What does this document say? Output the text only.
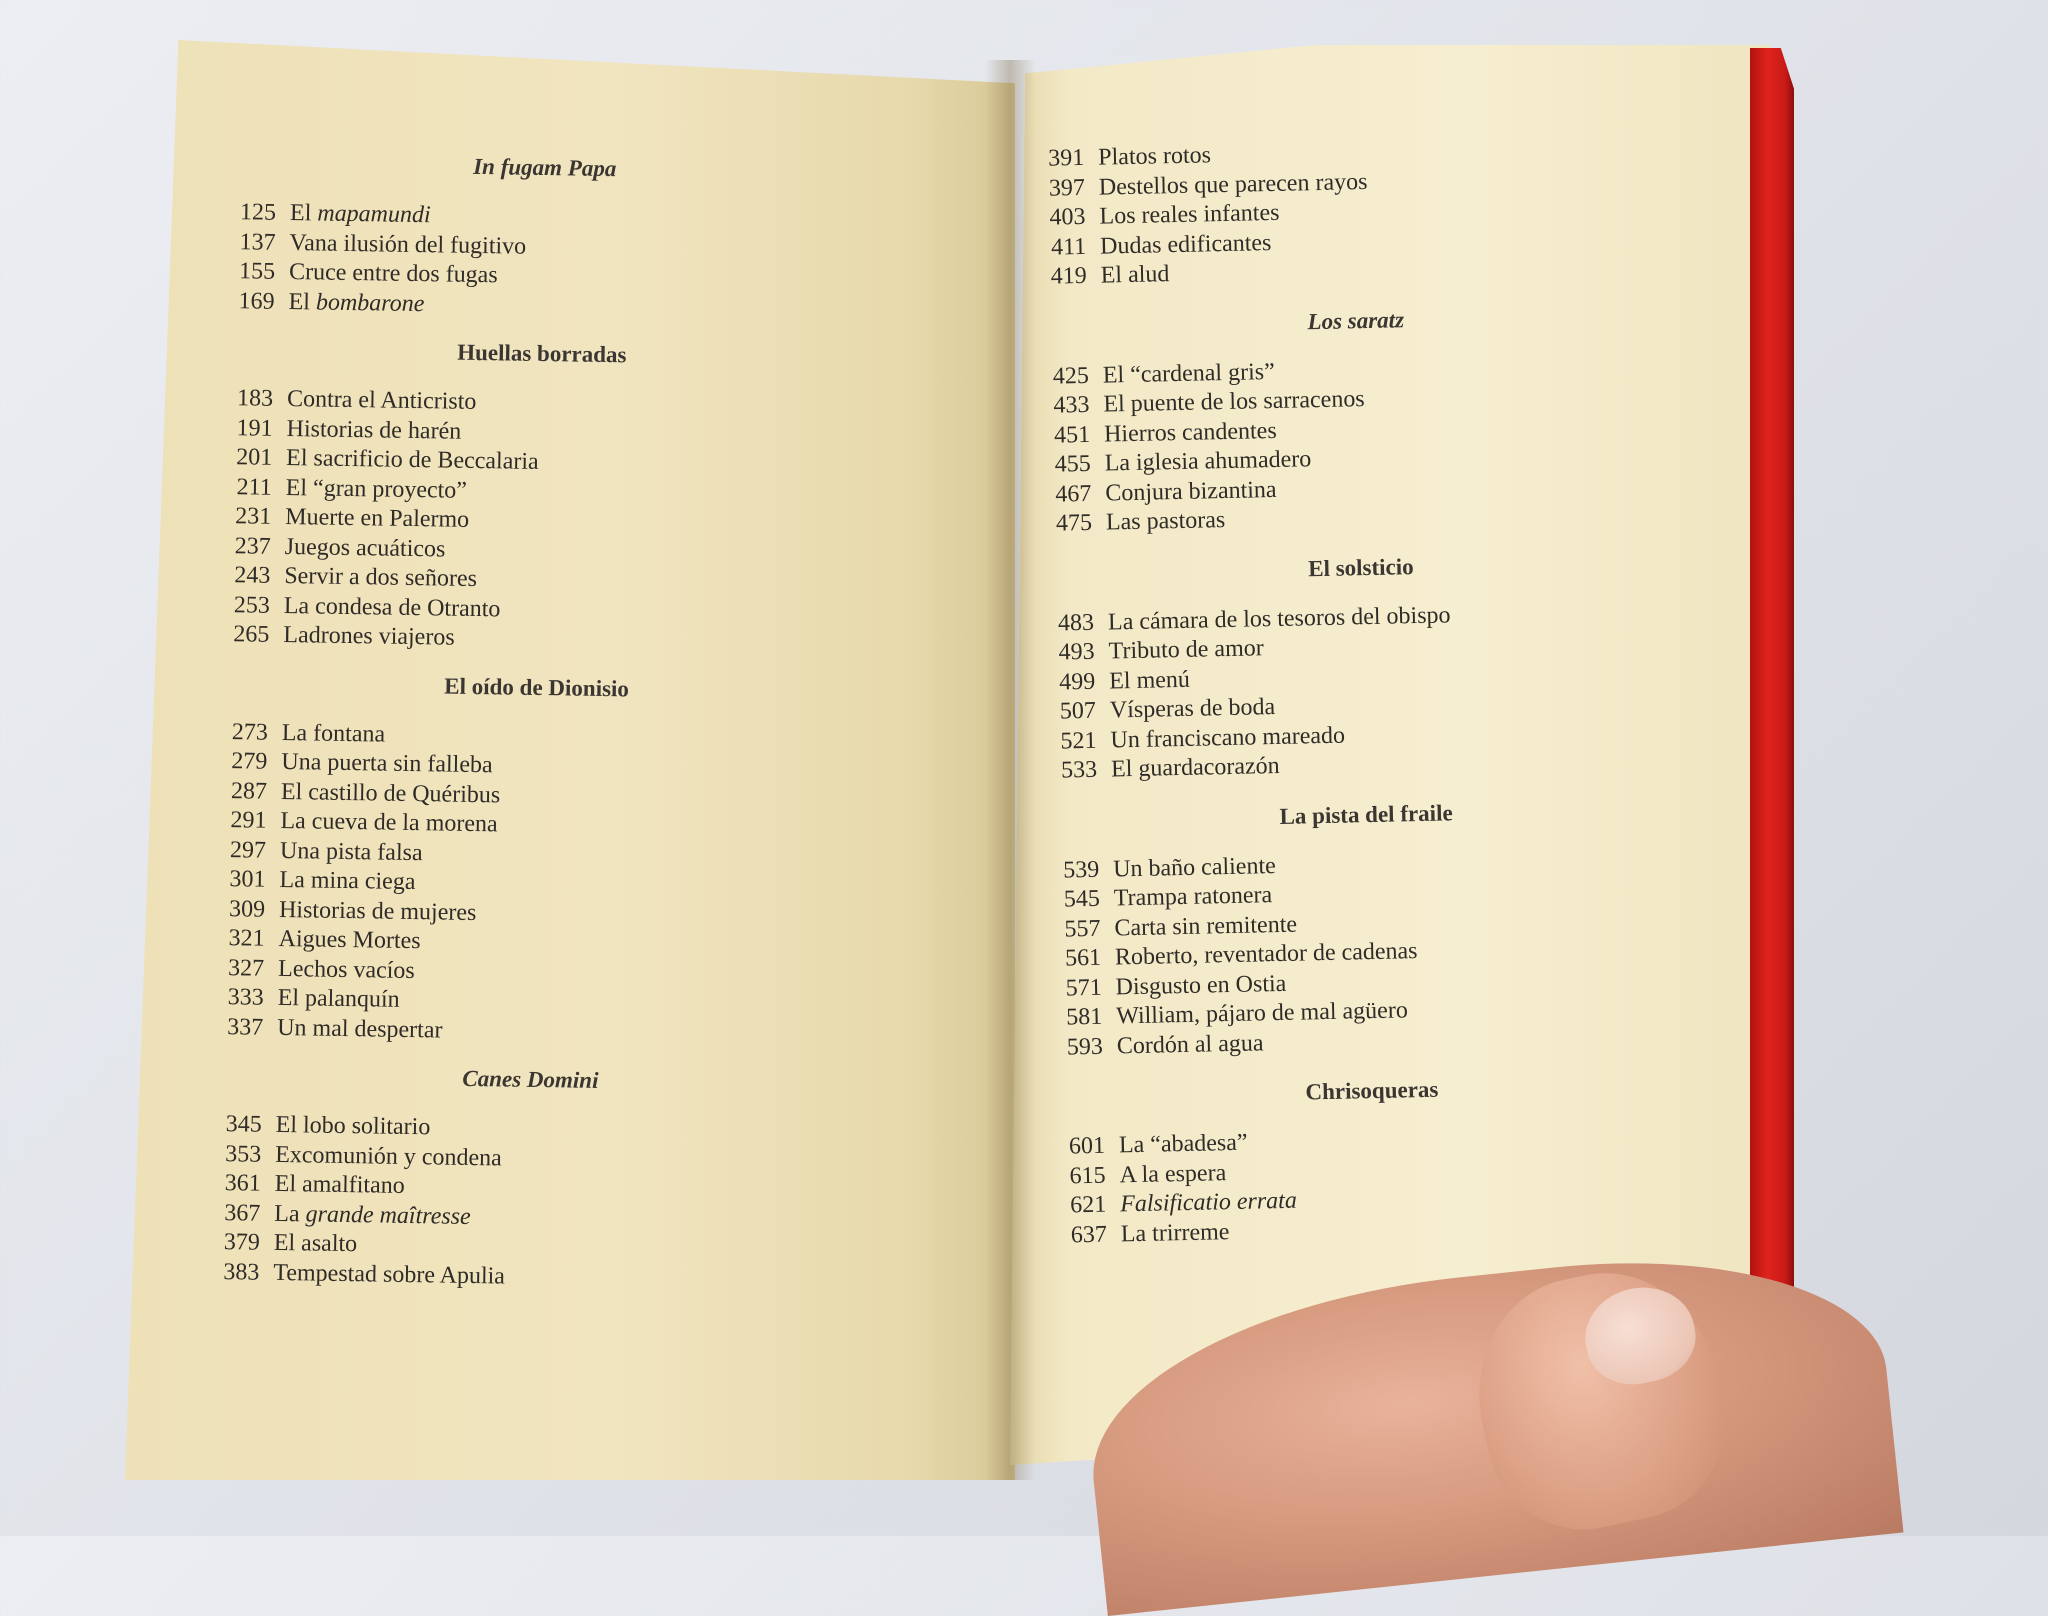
In fugam Papa
125 El mapamundi
137 Vana ilusión del fugitivo
155 Cruce entre dos fugas
169 El bombarone
Huellas borradas
183 Contra el Anticristo
191 Historias de harén
201 El sacrificio de Beccalaria
211 El “gran proyecto”
231 Muerte en Palermo
237 Juegos acuáticos
243 Servir a dos señores
253 La condesa de Otranto
265 Ladrones viajeros
El oído de Dionisio
273 La fontana
279 Una puerta sin falleba
287 El castillo de Quéribus
291 La cueva de la morena
297 Una pista falsa
301 La mina ciega
309 Historias de mujeres
321 Aigues Mortes
327 Lechos vacíos
333 El palanquín
337 Un mal despertar
Canes Domini
345 El lobo solitario
353 Excomunión y condena
361 El amalfitano
367 La grande maîtresse
379 El asalto
383 Tempestad sobre Apulia
391 Platos rotos
397 Destellos que parecen rayos
403 Los reales infantes
411 Dudas edificantes
419 El alud
Los saratz
425 El “cardenal gris”
433 El puente de los sarracenos
451 Hierros candentes
455 La iglesia ahumadero
467 Conjura bizantina
475 Las pastoras
El solsticio
483 La cámara de los tesoros del obispo
493 Tributo de amor
499 El menú
507 Vísperas de boda
521 Un franciscano mareado
533 El guardacorazón
La pista del fraile
539 Un baño caliente
545 Trampa ratonera
557 Carta sin remitente
561 Roberto, reventador de cadenas
571 Disgusto en Ostia
581 William, pájaro de mal agüero
593 Cordón al agua
Chrisoqueras
601 La “abadesa”
615 A la espera
621 Falsificatio errata
637 La trirreme
